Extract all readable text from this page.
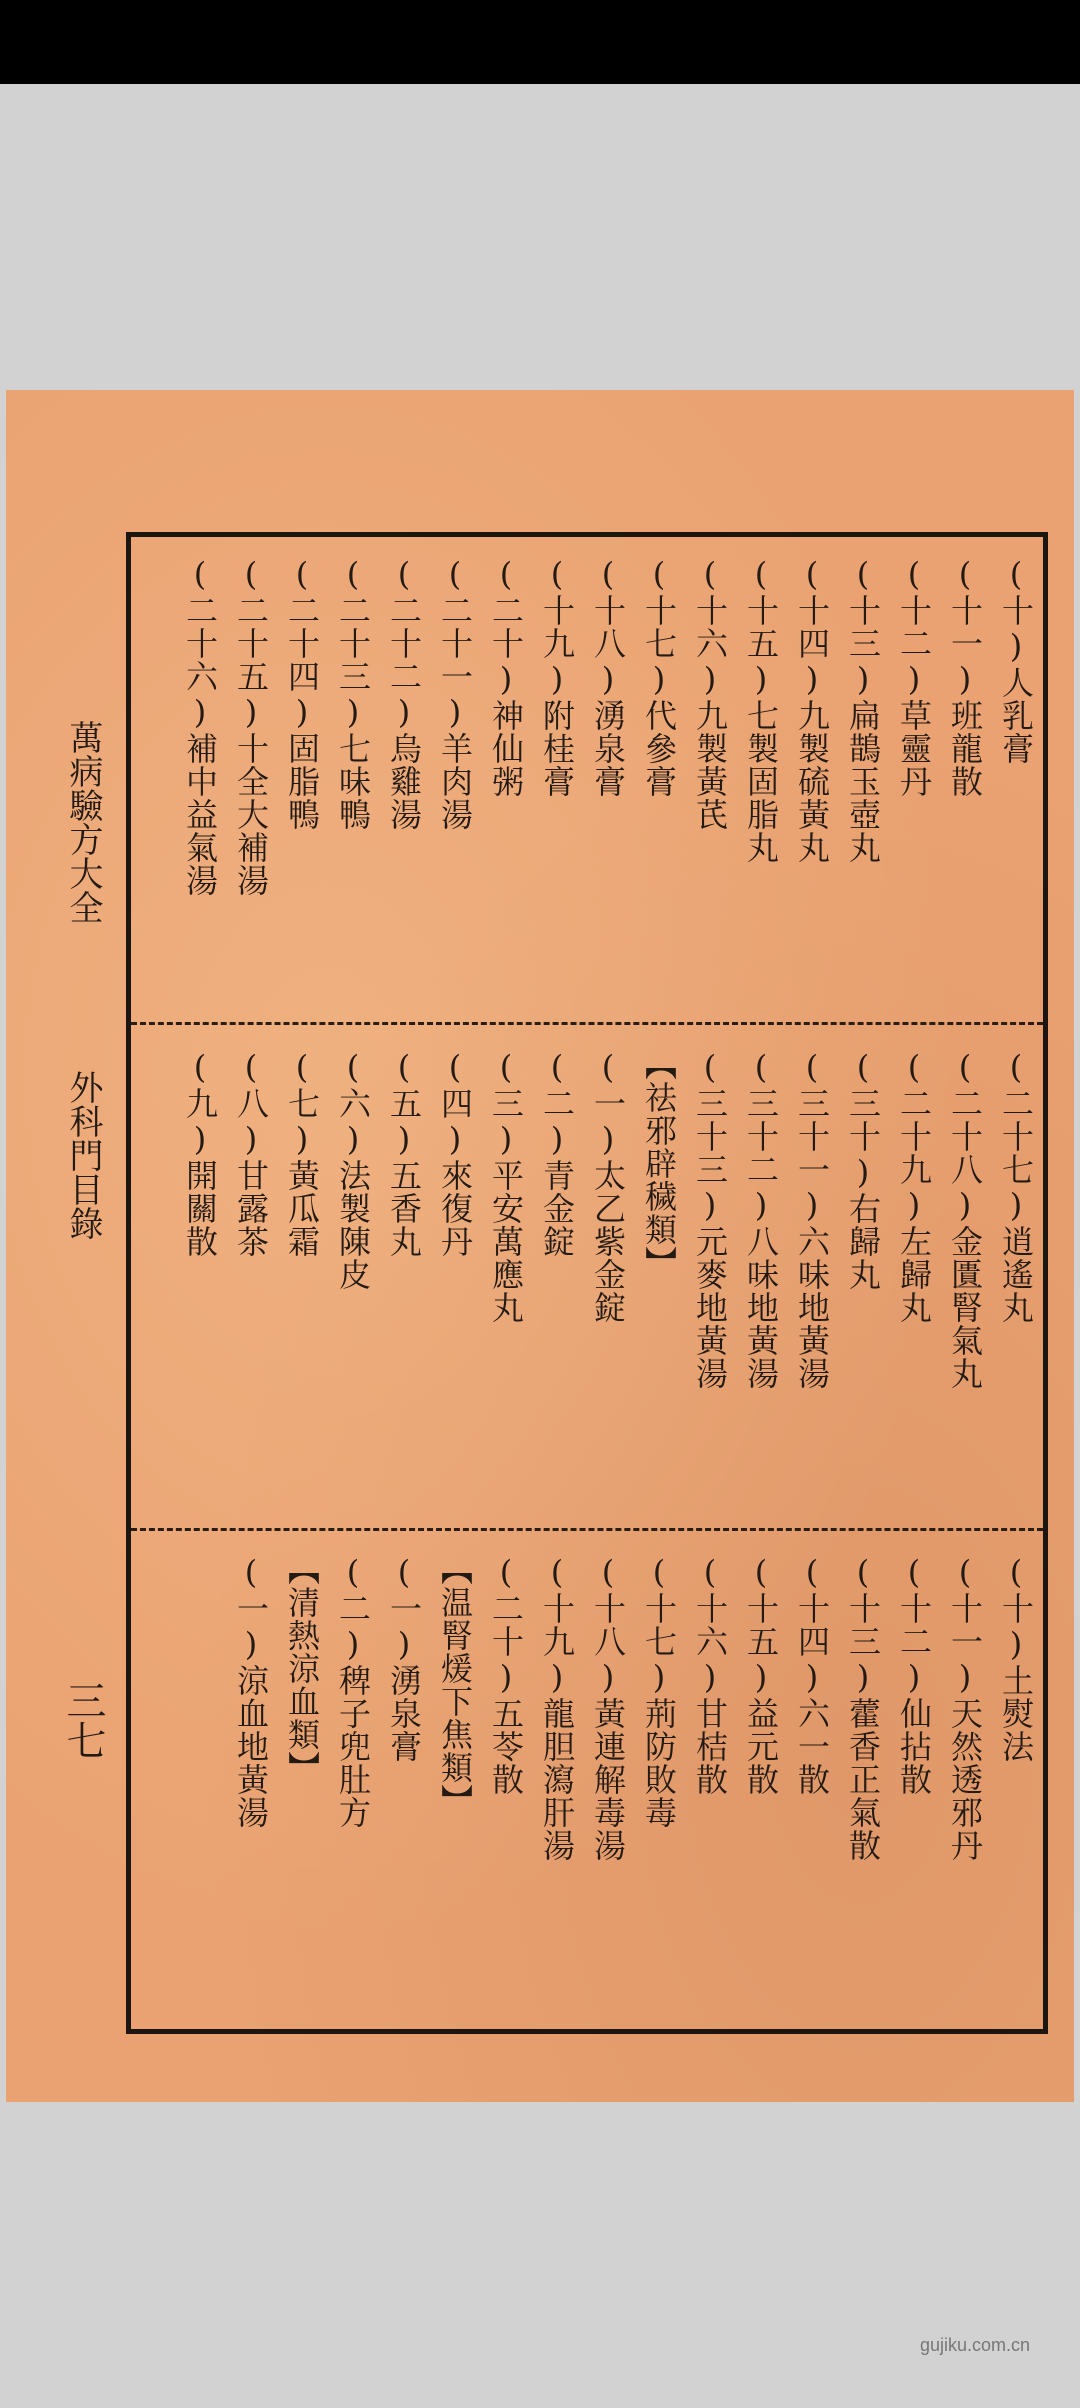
萬病驗方大全
外科門目錄
三七
(十)人乳膏
(十一)班龍散
(十二)草靈丹
(十三)扁鵲玉壺丸
(十四)九製硫黃丸
(十五)七製固脂丸
(十六)九製黃芪
(十七)代參膏
(十八)湧泉膏
(十九)附桂膏
(二十)神仙粥
(二十一)羊肉湯
(二十二)烏雞湯
(二十三)七味鴨
(二十四)固脂鴨
(二十五)十全大補湯
(二十六)補中益氣湯
(二十七)逍遙丸
(二十八)金匱腎氣丸
(二十九)左歸丸
(三十)右歸丸
(三十一)六味地黃湯
(三十二)八味地黃湯
(三十三)元麥地黃湯
【祛邪辟穢類】
(一)太乙紫金錠
(二)青金錠
(三)平安萬應丸
(四)來復丹
(五)五香丸
(六)法製陳皮
(七)黃瓜霜
(八)甘露茶
(九)開關散
(十)土熨法
(十一)天然透邪丹
(十二)仙拈散
(十三)藿香正氣散
(十四)六一散
(十五)益元散
(十六)甘桔散
(十七)荊防敗毒
(十八)黃連解毒湯
(十九)龍胆瀉肝湯
(二十)五苓散
【温腎煖下焦類】
(一)湧泉膏
(二)稗子兜肚方
【清熱涼血類】
(一)涼血地黃湯
gujiku.com.cn
